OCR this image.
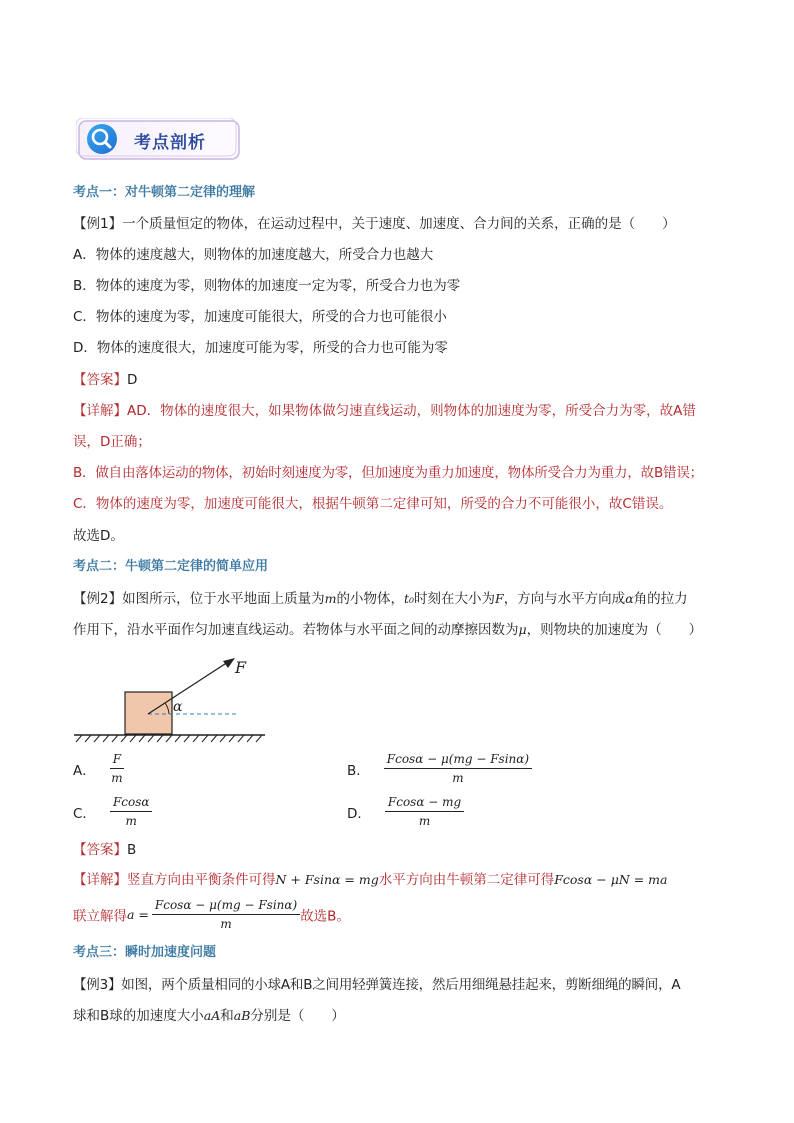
考点剖析
考点一：对牛顿第二定律的理解
【例1】一个质量恒定的物体，在运动过程中，关于速度、加速度、合力间的关系，正确的是（　　）
A．物体的速度越大，则物体的加速度越大，所受合力也越大
B．物体的速度为零，则物体的加速度一定为零，所受合力也为零
C．物体的速度为零，加速度可能很大，所受的合力也可能很小
D．物体的速度很大，加速度可能为零，所受的合力也可能为零
【答案】D
【详解】AD．物体的速度很大，如果物体做匀速直线运动，则物体的加速度为零，所受合力为零，故A错
误，D正确；
B．做自由落体运动的物体，初始时刻速度为零，但加速度为重力加速度，物体所受合力为重力，故B错误；
C．物体的速度为零，加速度可能很大，根据牛顿第二定律可知，所受的合力不可能很小，故C错误。
故选D。
考点二：牛顿第二定律的简单应用
【例2】如图所示，位于水平地面上质量为m的小物体，t₀时刻在大小为F，方向与水平方向成α角的拉力
作用下，沿水平面作匀加速直线运动。若物体与水平面之间的动摩擦因数为μ，则物块的加速度为（　　）
F
α
A． $\frac{F}{m}$	B． $\frac{Fcos\alpha - \mu(mg - Fsin\alpha)}{m}$
C． $\frac{Fcos\alpha}{m}$	D． $\frac{Fcos\alpha - mg}{m}$
【答案】B
【详解】竖直方向由平衡条件可得N + Fsinα = mg水平方向由牛顿第二定律可得Fcosα − μN = ma
联立解得$a = \frac{Fcos\alpha - \mu(mg - Fsin\alpha)}{m}$ 故选B。
考点三：瞬时加速度问题
【例3】如图，两个质量相同的小球A和B之间用轻弹簧连接，然后用细绳悬挂起来，剪断细绳的瞬间，A
球和B球的加速度大小aA和aB分别是（　　）
